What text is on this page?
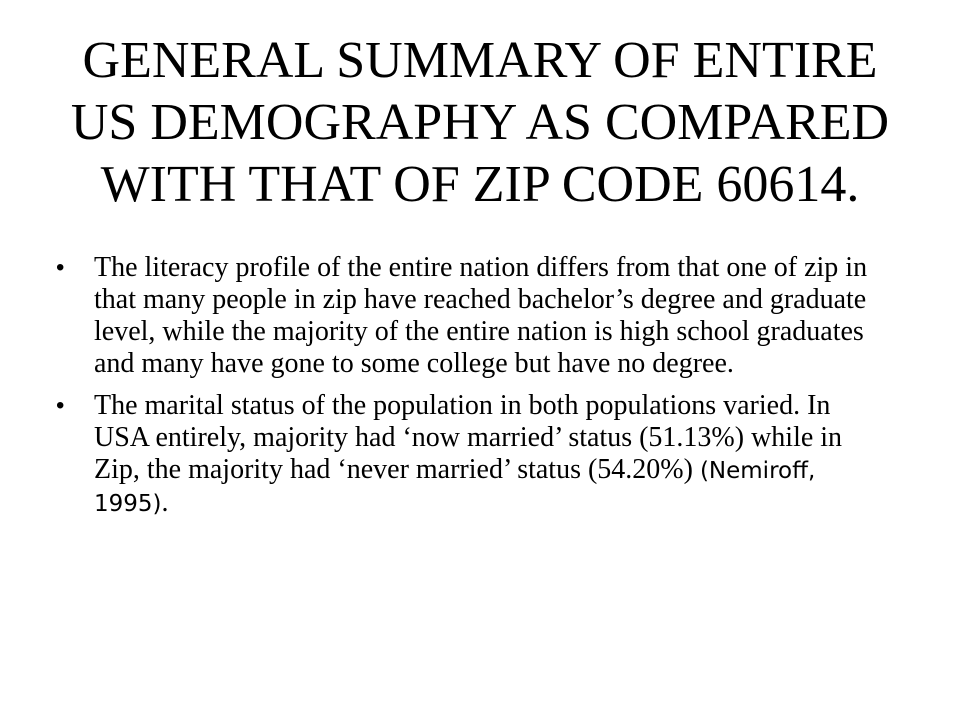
GENERAL SUMMARY OF ENTIRE US DEMOGRAPHY AS COMPARED WITH THAT OF ZIP CODE 60614.
•	The literacy profile of the entire nation differs from that one of zip in that many people in zip have reached bachelor’s degree and graduate level, while the majority of the entire nation is high school graduates and many have gone to some college but have no degree.
•	The marital status of the population in both populations varied. In USA entirely, majority had ‘now married’ status (51.13%) while in Zip, the majority had ‘never married’ status (54.20%) (Nemiroff, 1995).
